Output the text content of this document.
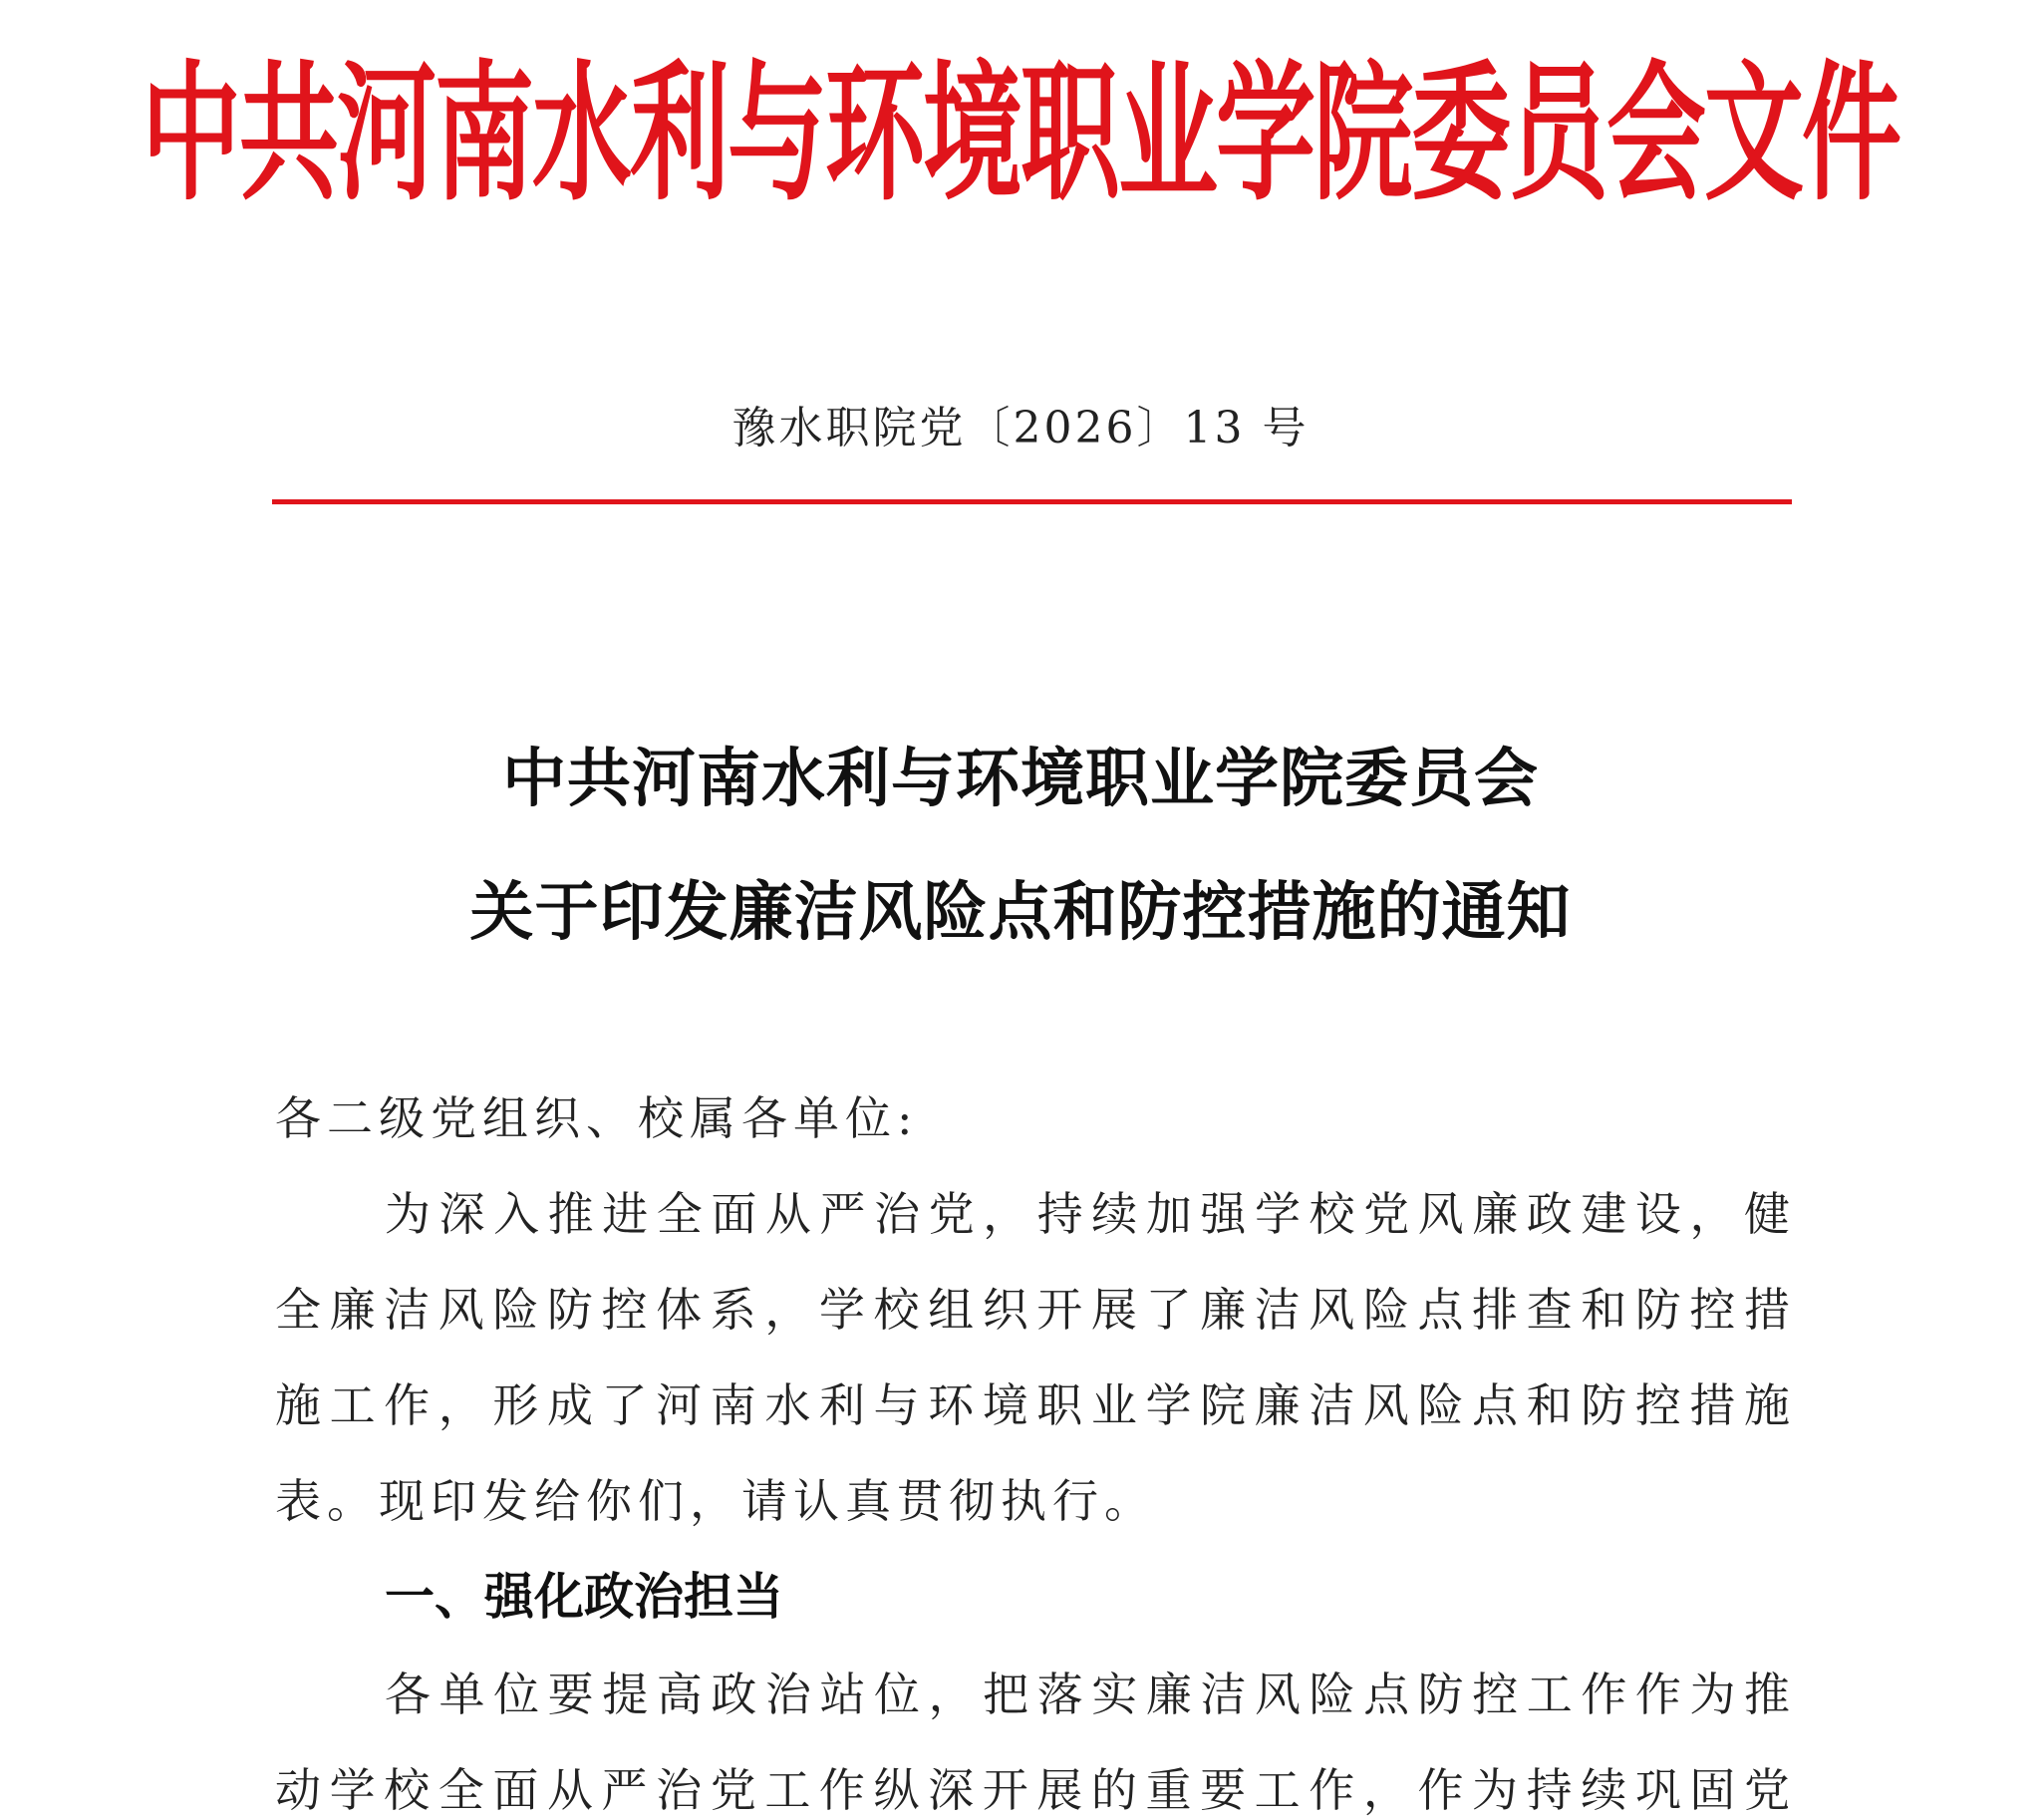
中共河南水利与环境职业学院委员会文件
豫水职院党〔2026〕13 号
中共河南水利与环境职业学院委员会
关于印发廉洁风险点和防控措施的通知
各二级党组织、校属各单位:
为深入推进全面从严治党，持续加强学校党风廉政建设，健
全廉洁风险防控体系，学校组织开展了廉洁风险点排查和防控措
施工作，形成了河南水利与环境职业学院廉洁风险点和防控措施
表。现印发给你们，请认真贯彻执行。
一、强化政治担当
各单位要提高政治站位，把落实廉洁风险点防控工作作为推
动学校全面从严治党工作纵深开展的重要工作，作为持续巩固党
